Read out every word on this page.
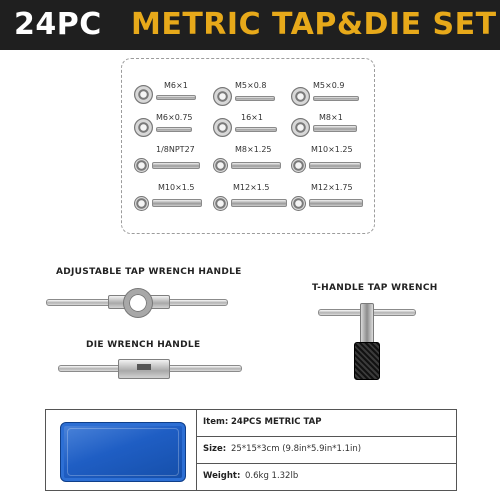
24PC METRIC TAP&DIE SET
M6×1	M5×0.8	M5×0.9
M6×0.75	16×1	M8×1
1/8NPT27	M8×1.25	M10×1.25
M10×1.5	M12×1.5	M12×1.75
ADJUSTABLE TAP WRENCH HANDLE
DIE WRENCH HANDLE
T-HANDLE TAP WRENCH
Item: 24PCS METRIC TAP
Size: 25*15*3cm (9.8in*5.9in*1.1in)
Weight: 0.6kg 1.32lb
